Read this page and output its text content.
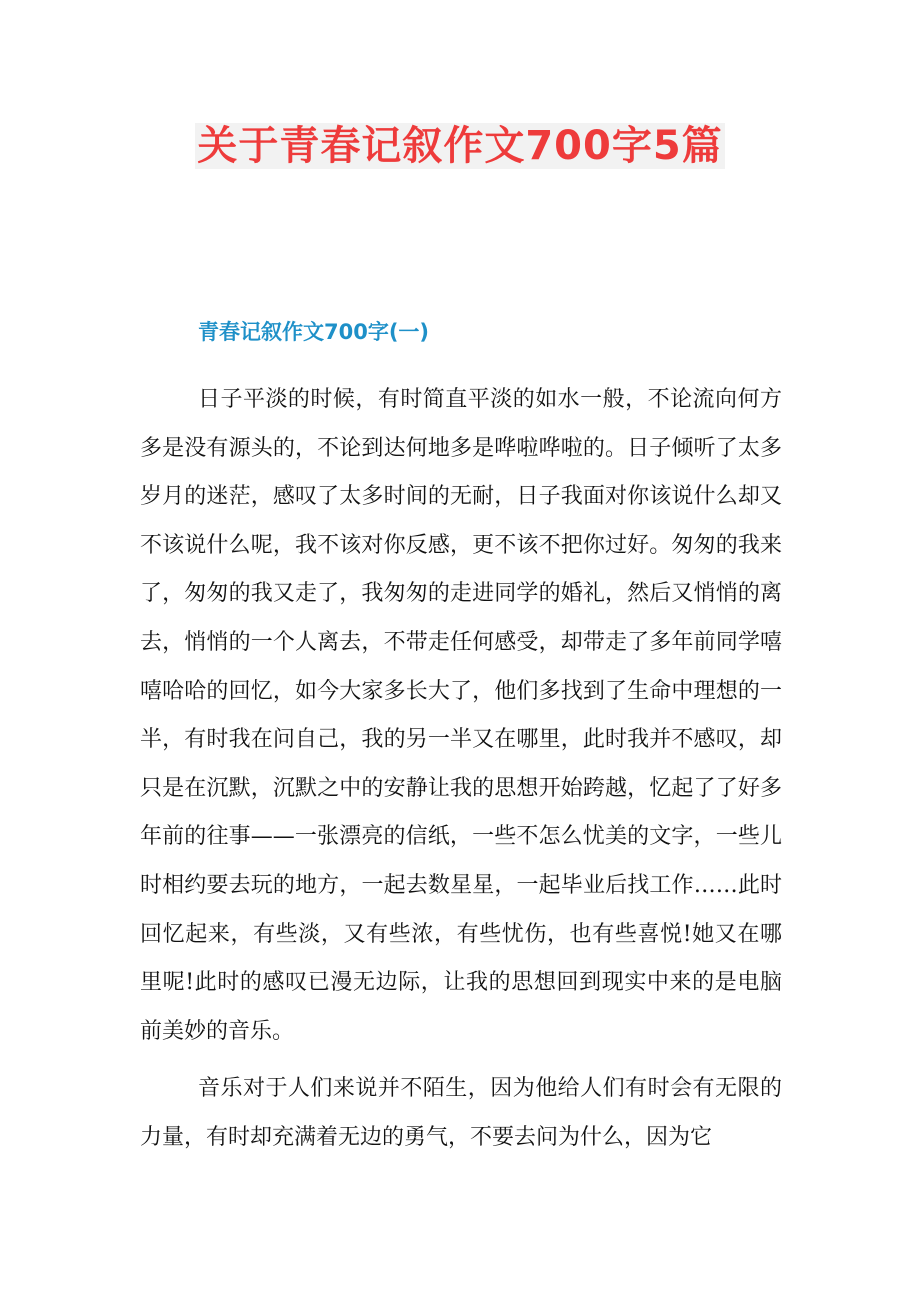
关于青春记叙作文700字5篇
青春记叙作文700字(一)

日子平淡的时候，有时简直平淡的如水一般，不论流向何方多是没有源头的，不论到达何地多是哗啦哗啦的。日子倾听了太多岁月的迷茫，感叹了太多时间的无耐，日子我面对你该说什么却又不该说什么呢，我不该对你反感，更不该不把你过好。匆匆的我来了，匆匆的我又走了，我匆匆的走进同学的婚礼，然后又悄悄的离去，悄悄的一个人离去，不带走任何感受，却带走了多年前同学嘻嘻哈哈的回忆，如今大家多长大了，他们多找到了生命中理想的一半，有时我在问自己，我的另一半又在哪里，此时我并不感叹，却只是在沉默，沉默之中的安静让我的思想开始跨越，忆起了了好多年前的往事——一张漂亮的信纸，一些不怎么忧美的文字，一些儿时相约要去玩的地方，一起去数星星，一起毕业后找工作……此时回忆起来，有些淡，又有些浓，有些忧伤，也有些喜悦!她又在哪里呢!此时的感叹已漫无边际，让我的思想回到现实中来的是电脑前美妙的音乐。

音乐对于人们来说并不陌生，因为他给人们有时会有无限的力量，有时却充满着无边的勇气，不要去问为什么，因为它
